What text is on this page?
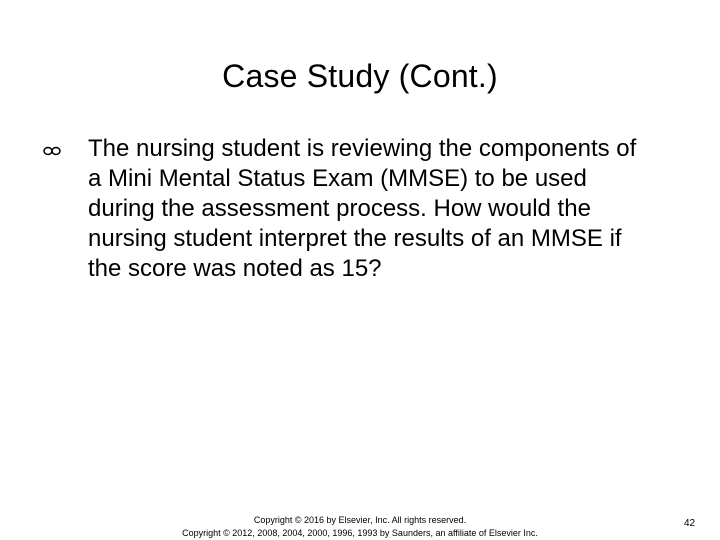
Case Study (Cont.)
The nursing student is reviewing the components of a Mini Mental Status Exam (MMSE) to be used during the assessment process. How would the nursing student interpret the results of an MMSE if the score was noted as 15?
Copyright © 2016 by Elsevier, Inc. All rights reserved.
Copyright © 2012, 2008, 2004, 2000, 1996, 1993 by Saunders, an affiliate of Elsevier Inc.
42
